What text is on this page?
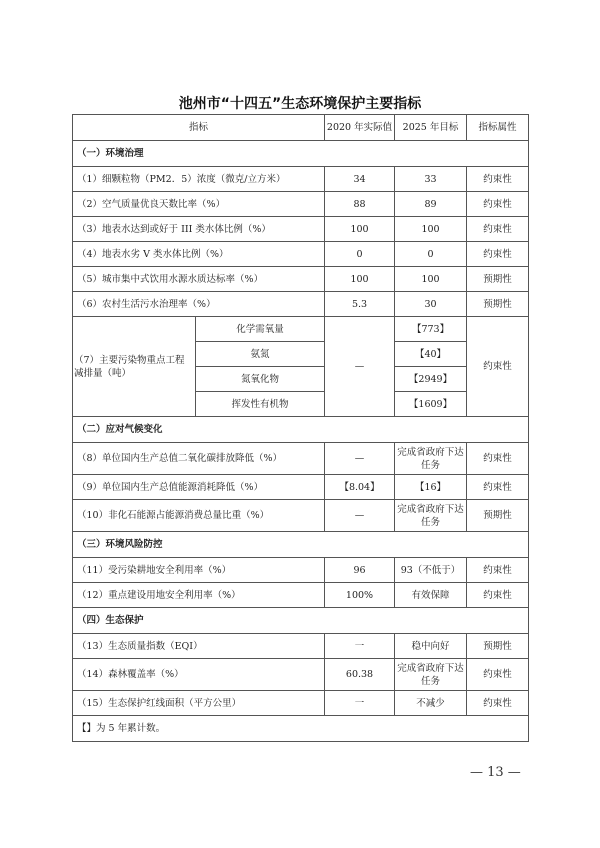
池州市“十四五”生态环境保护主要指标
指标		2020 年实际值	2025 年目标	指标属性
（一）环境治理				
（1）细颗粒物（PM2．5）浓度（微克/立方米）		34	33	约束性
（2）空气质量优良天数比率（%）		88	89	约束性
（3）地表水达到或好于 III 类水体比例（%）		100	100	约束性
（4）地表水劣 V 类水体比例（%）		0	0	约束性
（5）城市集中式饮用水源水质达标率（%）		100	100	预期性
（6）农村生活污水治理率（%）		5.3	30	预期性
（7）主要污染物重点工程减排量（吨）	化学需氧量	—	【773】	约束性
	氨氮		【40】	
	氮氧化物		【2949】	
	挥发性有机物		【1609】	
（二）应对气候变化				
（8）单位国内生产总值二氧化碳排放降低（%）		—	完成省政府下达任务	约束性
（9）单位国内生产总值能源消耗降低（%）		【8.04】	【16】	约束性
（10）非化石能源占能源消费总量比重（%）		—	完成省政府下达任务	预期性
（三）环境风险防控				
（11）受污染耕地安全利用率（%）		96	93（不低于）	约束性
（12）重点建设用地安全利用率（%）		100%	有效保障	约束性
（四）生态保护				
（13）生态质量指数（EQI）		一	稳中向好	预期性
（14）森林覆盖率（%）		60.38	完成省政府下达任务	约束性
（15）生态保护红线面积（平方公里）		一	不减少	约束性
【】为 5 年累计数。				
— 13 —
